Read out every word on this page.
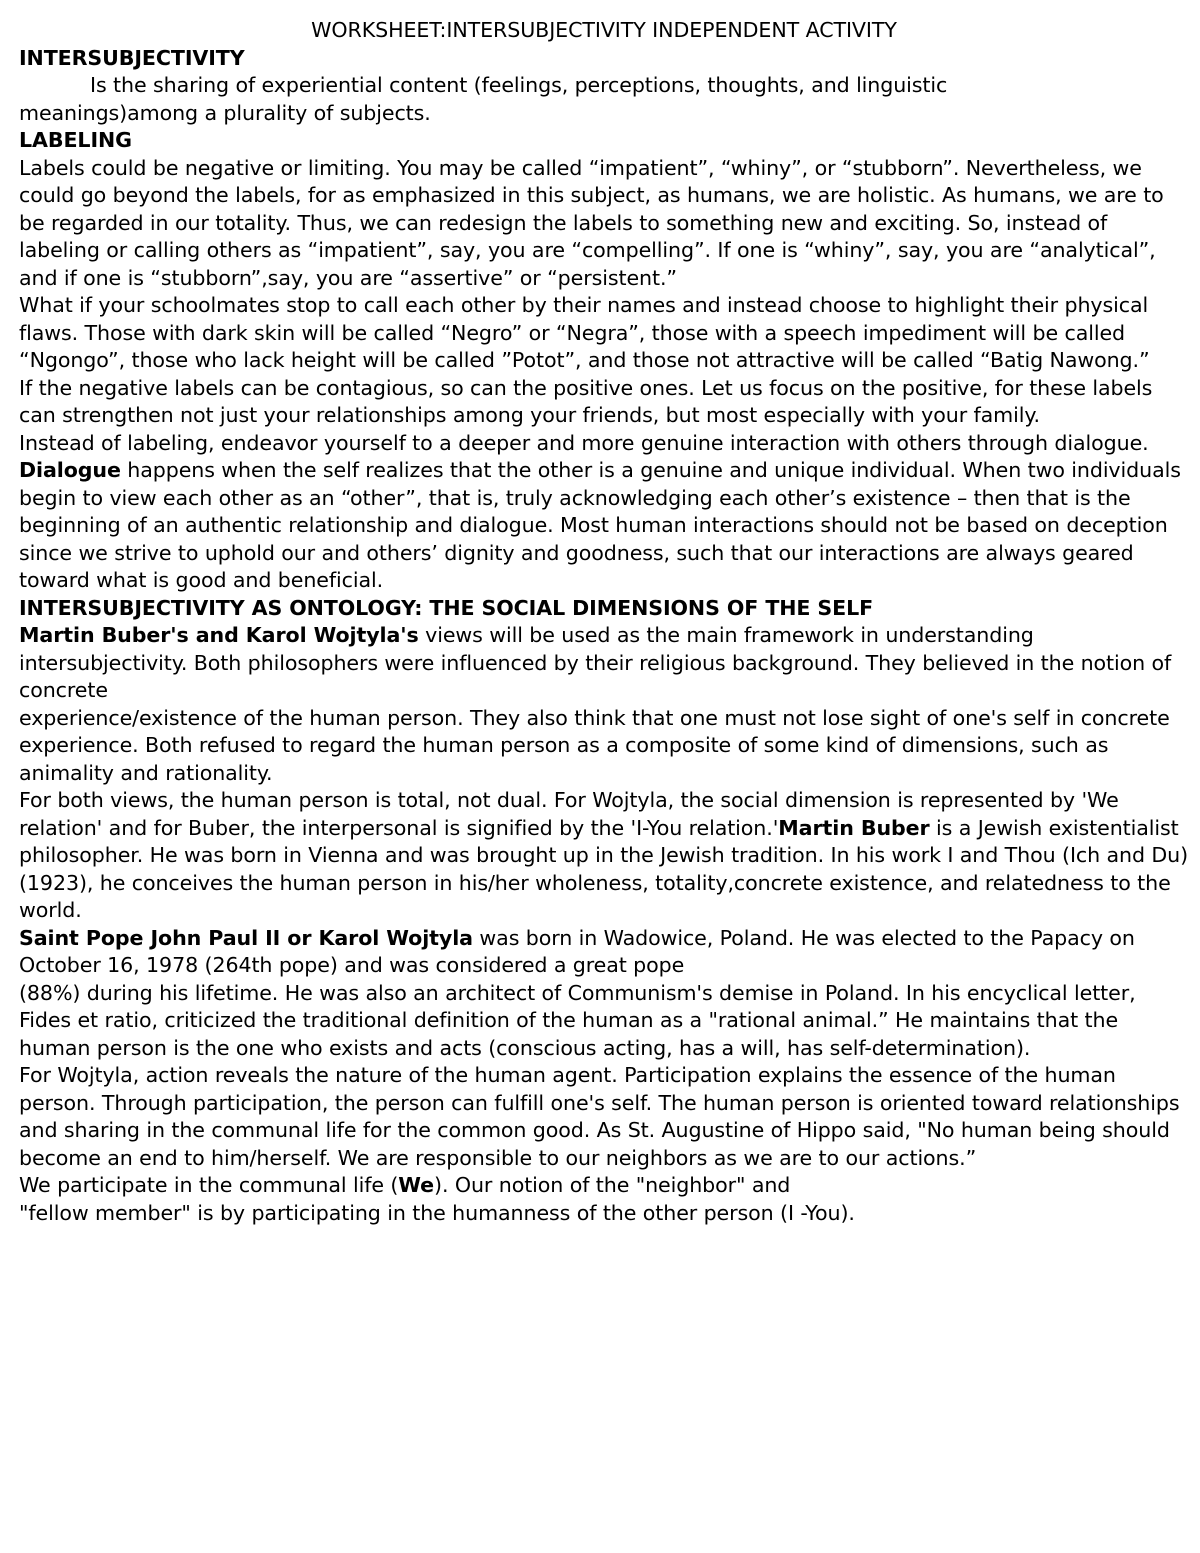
WORKSHEET:INTERSUBJECTIVITY INDEPENDENT ACTIVITY
INTERSUBJECTIVITY
Is the sharing of experiential content (feelings, perceptions, thoughts, and linguistic
meanings)among a plurality of subjects.
LABELING
Labels could be negative or limiting. You may be called “impatient”, “whiny”, or “stubborn”. Nevertheless, we could go beyond the labels, for as emphasized in this subject, as humans, we are holistic. As humans, we are to be regarded in our totality. Thus, we can redesign the labels to something new and exciting. So, instead of labeling or calling others as “impatient”, say, you are “compelling”. If one is “whiny”, say, you are “analytical”, and if one is “stubborn”,say, you are “assertive” or “persistent.”
What if your schoolmates stop to call each other by their names and instead choose to highlight their physical flaws. Those with dark skin will be called “Negro” or “Negra”, those with a speech impediment will be called “Ngongo”, those who lack height will be called ”Potot”, and those not attractive will be called “Batig Nawong.”
If the negative labels can be contagious, so can the positive ones. Let us focus on the positive, for these labels can strengthen not just your relationships among your friends, but most especially with your family.
Instead of labeling, endeavor yourself to a deeper and more genuine interaction with others through dialogue. Dialogue happens when the self realizes that the other is a genuine and unique individual. When two individuals begin to view each other as an “other”, that is, truly acknowledging each other’s existence – then that is the beginning of an authentic relationship and dialogue. Most human interactions should not be based on deception since we strive to uphold our and others’ dignity and goodness, such that our interactions are always geared toward what is good and beneficial.
INTERSUBJECTIVITY AS ONTOLOGY: THE SOCIAL DIMENSIONS OF THE SELF
Martin Buber's and Karol Wojtyla's views will be used as the main framework in understanding intersubjectivity. Both philosophers were influenced by their religious background. They believed in the notion of concrete
experience/existence of the human person. They also think that one must not lose sight of one's self in concrete experience. Both refused to regard the human person as a composite of some kind of dimensions, such as animality and rationality.
For both views, the human person is total, not dual. For Wojtyla, the social dimension is represented by 'We relation' and for Buber, the interpersonal is signified by the 'I-You relation.'Martin Buber is a Jewish existentialist philosopher. He was born in Vienna and was brought up in the Jewish tradition. In his work I and Thou (Ich and Du) (1923), he conceives the human person in his/her wholeness, totality,concrete existence, and relatedness to the world.
Saint Pope John Paul II or Karol Wojtyla was born in Wadowice, Poland. He was elected to the Papacy on October 16, 1978 (264th pope) and was considered a great pope
(88%) during his lifetime. He was also an architect of Communism's demise in Poland. In his encyclical letter,
Fides et ratio, criticized the traditional definition of the human as a "rational animal.” He maintains that the
human person is the one who exists and acts (conscious acting, has a will, has self-determination).
For Wojtyla, action reveals the nature of the human agent. Participation explains the essence of the human
person. Through participation, the person can fulfill one's self. The human person is oriented toward relationships and sharing in the communal life for the common good. As St. Augustine of Hippo said, "No human being should become an end to him/herself. We are responsible to our neighbors as we are to our actions.”
We participate in the communal life (We). Our notion of the "neighbor" and
"fellow member" is by participating in the humanness of the other person (I -You).
